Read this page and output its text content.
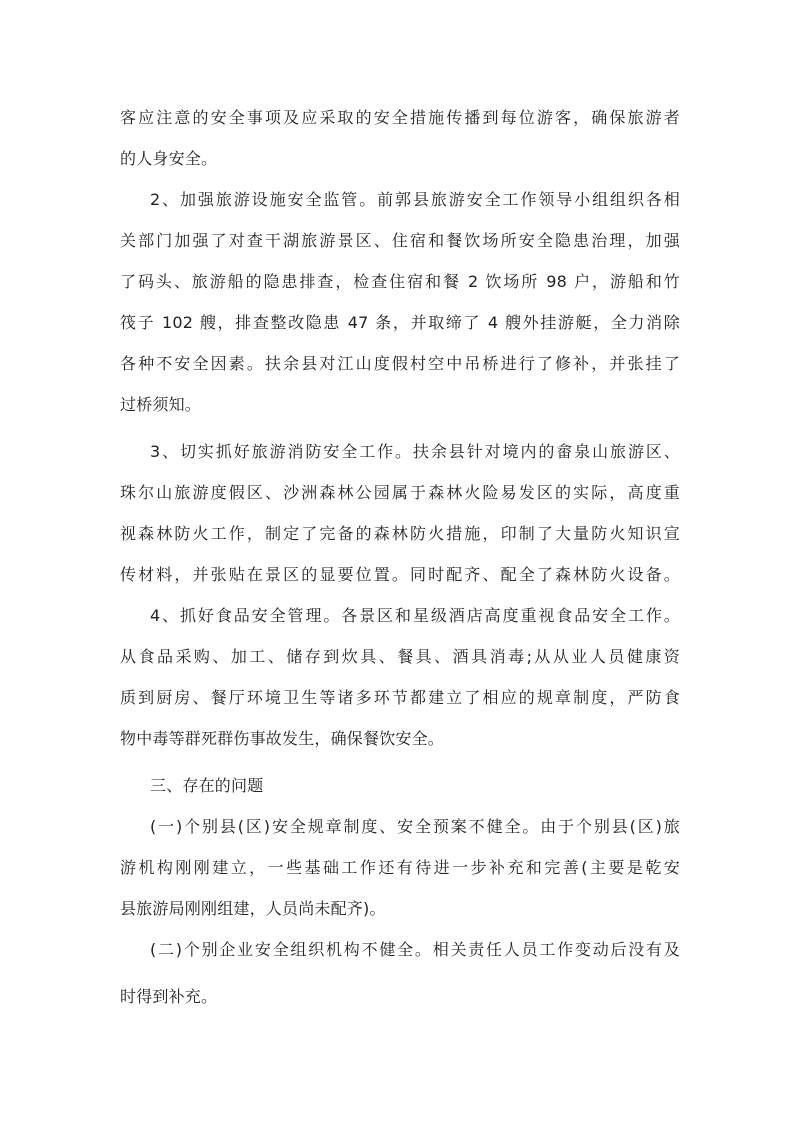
客应注意的安全事项及应采取的安全措施传播到每位游客，确保旅游者
的人身安全。
2、加强旅游设施安全监管。前郭县旅游安全工作领导小组组织各相
关部门加强了对查干湖旅游景区、住宿和餐饮场所安全隐患治理，加强
了码头、旅游船的隐患排查，检查住宿和餐 2 饮场所 98 户，游船和竹
筏子 102 艘，排查整改隐患 47 条，并取缔了 4 艘外挂游艇，全力消除
各种不安全因素。扶余县对江山度假村空中吊桥进行了修补，并张挂了
过桥须知。
3、切实抓好旅游消防安全工作。扶余县针对境内的畲泉山旅游区、
珠尔山旅游度假区、沙洲森林公园属于森林火险易发区的实际，高度重
视森林防火工作，制定了完备的森林防火措施，印制了大量防火知识宣
传材料，并张贴在景区的显要位置。同时配齐、配全了森林防火设备。
4、抓好食品安全管理。各景区和星级酒店高度重视食品安全工作。
从食品采购、加工、储存到炊具、餐具、酒具消毒;从从业人员健康资
质到厨房、餐厅环境卫生等诸多环节都建立了相应的规章制度，严防食
物中毒等群死群伤事故发生，确保餐饮安全。
三、存在的问题
(一)个别县(区)安全规章制度、安全预案不健全。由于个别县(区)旅
游机构刚刚建立，一些基础工作还有待进一步补充和完善(主要是乾安
县旅游局刚刚组建，人员尚未配齐)。
(二)个别企业安全组织机构不健全。相关责任人员工作变动后没有及
时得到补充。
